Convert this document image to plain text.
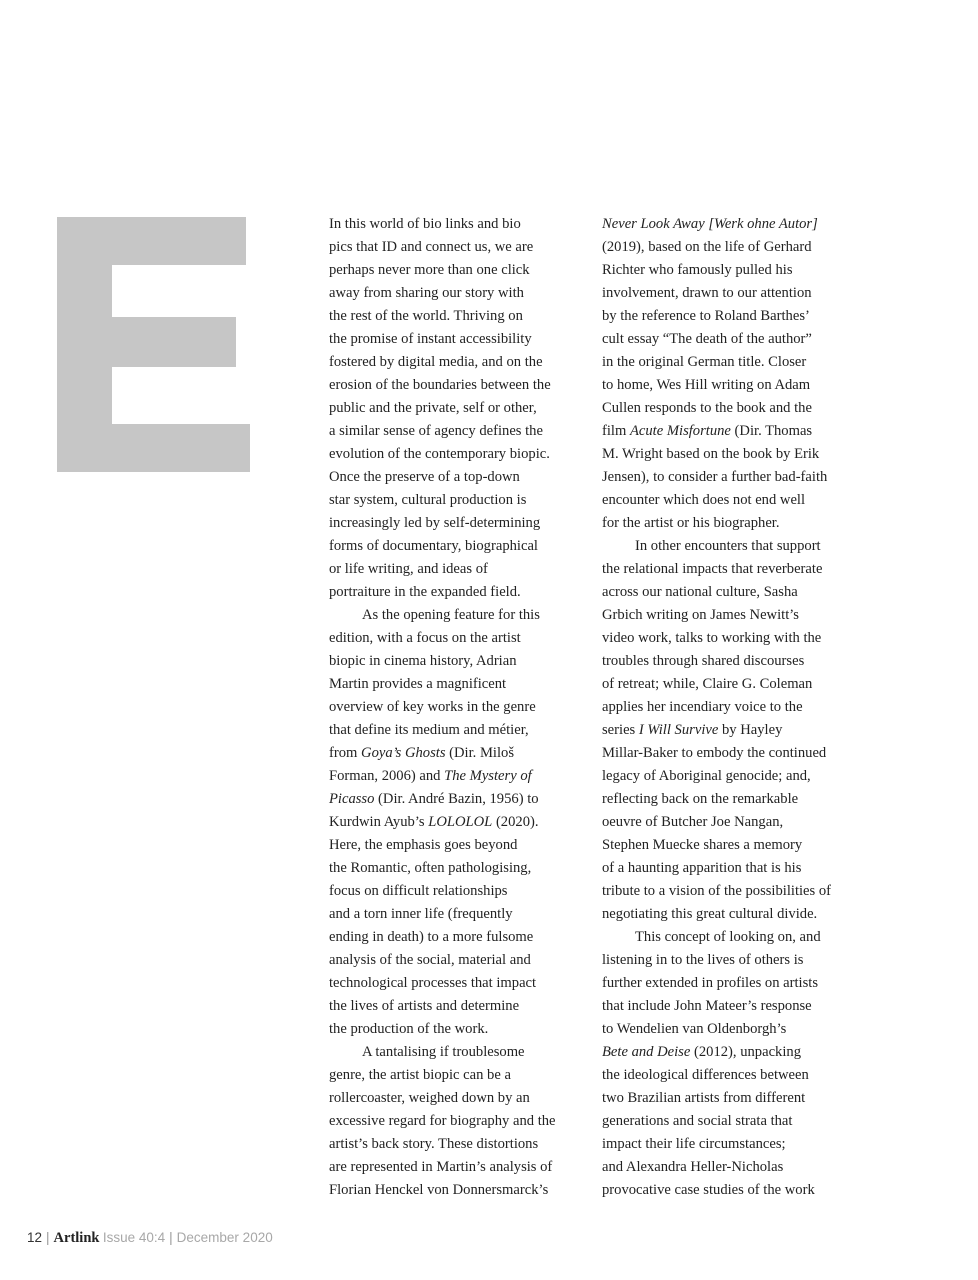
In this world of bio links and bio
pics that ID and connect us, we are
perhaps never more than one click
away from sharing our story with
the rest of the world. Thriving on
the promise of instant accessibility
fostered by digital media, and on the
erosion of the boundaries between the
public and the private, self or other,
a similar sense of agency defines the
evolution of the contemporary biopic.
Once the preserve of a top-down
star system, cultural production is
increasingly led by self-determining
forms of documentary, biographical
or life writing, and ideas of
portraiture in the expanded field.
As the opening feature for this
edition, with a focus on the artist
biopic in cinema history, Adrian
Martin provides a magnificent
overview of key works in the genre
that define its medium and métier,
from Goya’s Ghosts (Dir. Miloš
Forman, 2006) and The Mystery of
Picasso (Dir. André Bazin, 1956) to
Kurdwin Ayub’s LOLOLOL (2020).
Here, the emphasis goes beyond
the Romantic, often pathologising,
focus on difficult relationships
and a torn inner life (frequently
ending in death) to a more fulsome
analysis of the social, material and
technological processes that impact
the lives of artists and determine
the production of the work.
A tantalising if troublesome
genre, the artist biopic can be a
rollercoaster, weighed down by an
excessive regard for biography and the
artist’s back story. These distortions
are represented in Martin’s analysis of
Florian Henckel von Donnersmarck’s
Never Look Away [Werk ohne Autor]
(2019), based on the life of Gerhard
Richter who famously pulled his
involvement, drawn to our attention
by the reference to Roland Barthes’
cult essay “The death of the author”
in the original German title. Closer
to home, Wes Hill writing on Adam
Cullen responds to the book and the
film Acute Misfortune (Dir. Thomas
M. Wright based on the book by Erik
Jensen), to consider a further bad-faith
encounter which does not end well
for the artist or his biographer.
In other encounters that support
the relational impacts that reverberate
across our national culture, Sasha
Grbich writing on James Newitt’s
video work, talks to working with the
troubles through shared discourses
of retreat; while, Claire G. Coleman
applies her incendiary voice to the
series I Will Survive by Hayley
Millar-Baker to embody the continued
legacy of Aboriginal genocide; and,
reflecting back on the remarkable
oeuvre of Butcher Joe Nangan,
Stephen Muecke shares a memory
of a haunting apparition that is his
tribute to a vision of the possibilities of
negotiating this great cultural divide.
This concept of looking on, and
listening in to the lives of others is
further extended in profiles on artists
that include John Mateer’s response
to Wendelien van Oldenborgh’s
Bete and Deise (2012), unpacking
the ideological differences between
two Brazilian artists from different
generations and social strata that
impact their life circumstances;
and Alexandra Heller-Nicholas
provocative case studies of the work
12 | Artlink Issue 40:4 | December 2020
